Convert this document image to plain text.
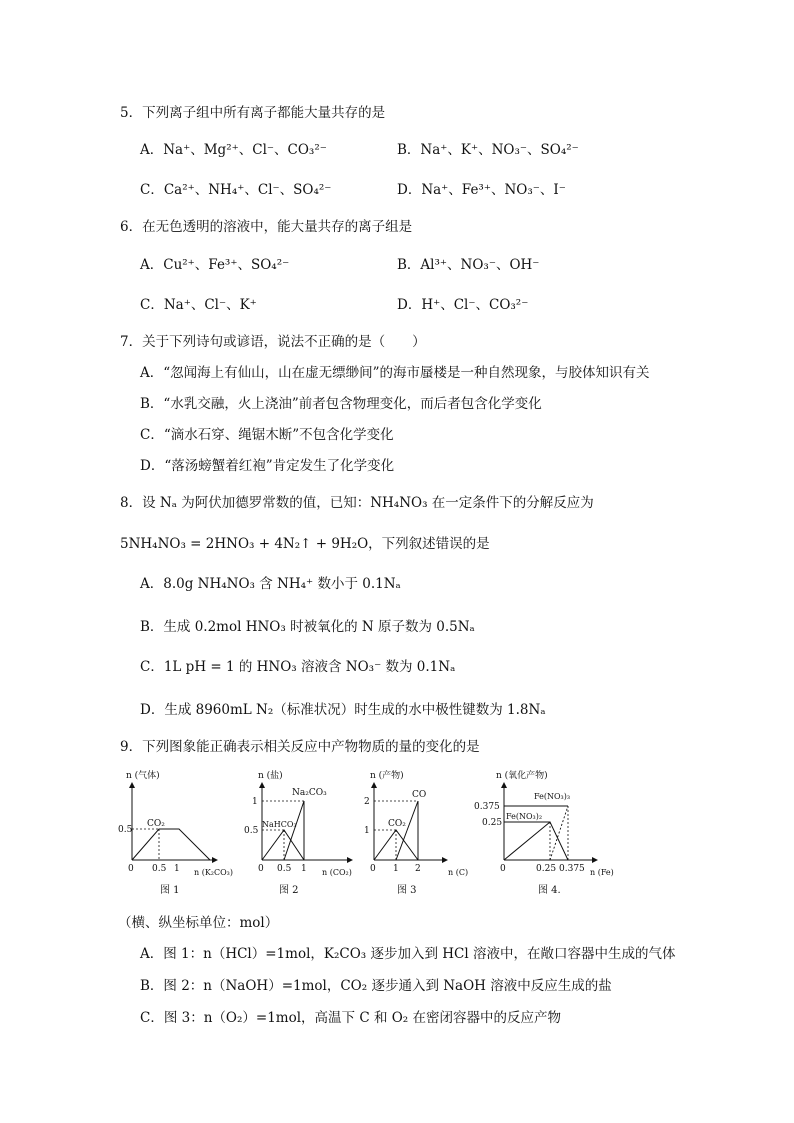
5．下列离子组中所有离子都能大量共存的是
A．Na⁺、Mg²⁺、Cl⁻、CO₃²⁻	B．Na⁺、K⁺、NO₃⁻、SO₄²⁻
C．Ca²⁺、NH₄⁺、Cl⁻、SO₄²⁻	D．Na⁺、Fe³⁺、NO₃⁻、I⁻
6．在无色透明的溶液中，能大量共存的离子组是
A．Cu²⁺、Fe³⁺、SO₄²⁻	B．Al³⁺、NO₃⁻、OH⁻
C．Na⁺、Cl⁻、K⁺	D．H⁺、Cl⁻、CO₃²⁻
7．关于下列诗句或谚语，说法不正确的是（　　）
A．“忽闻海上有仙山，山在虚无缥缈间”的海市蜃楼是一种自然现象，与胶体知识有关
B．“水乳交融，火上浇油”前者包含物理变化，而后者包含化学变化
C．“滴水石穿、绳锯木断”不包含化学变化
D．“落汤螃蟹着红袍”肯定发生了化学变化
8．设 Nₐ 为阿伏加德罗常数的值，已知：NH₄NO₃ 在一定条件下的分解反应为
5NH₄NO₃ = 2HNO₃ + 4N₂↑ + 9H₂O，下列叙述错误的是
A．8.0g NH₄NO₃ 含 NH₄⁺ 数小于 0.1Nₐ
B．生成 0.2mol HNO₃ 时被氧化的 N 原子数为 0.5Nₐ
C．1L pH = 1 的 HNO₃ 溶液含 NO₃⁻ 数为 0.1Nₐ
D．生成 8960mL N₂（标准状况）时生成的水中极性键数为 1.8Nₐ
9．下列图象能正确表示相关反应中产物物质的量的变化的是
n (气体)
n (K₂CO₃)
CO₂
0.5
0 0.5 1
图 1
n (盐)
n (CO₂)
Na₂CO₃
NaHCO₃
1
0.5
0 0.5 1
图 2
n (产物)
n (C)
CO
CO₂
2
1
0 1 2
图 3
n (氧化产物)
n (Fe)
Fe(NO₃)₃
Fe(NO₃)₂
0.375
0.25
0	0.25 0.375
图 4.
（横、纵坐标单位：mol）
A．图 1：n（HCl）=1mol，K₂CO₃ 逐步加入到 HCl 溶液中，在敞口容器中生成的气体
B．图 2：n（NaOH）=1mol，CO₂ 逐步通入到 NaOH 溶液中反应生成的盐
C．图 3：n（O₂）=1mol，高温下 C 和 O₂ 在密闭容器中的反应产物
